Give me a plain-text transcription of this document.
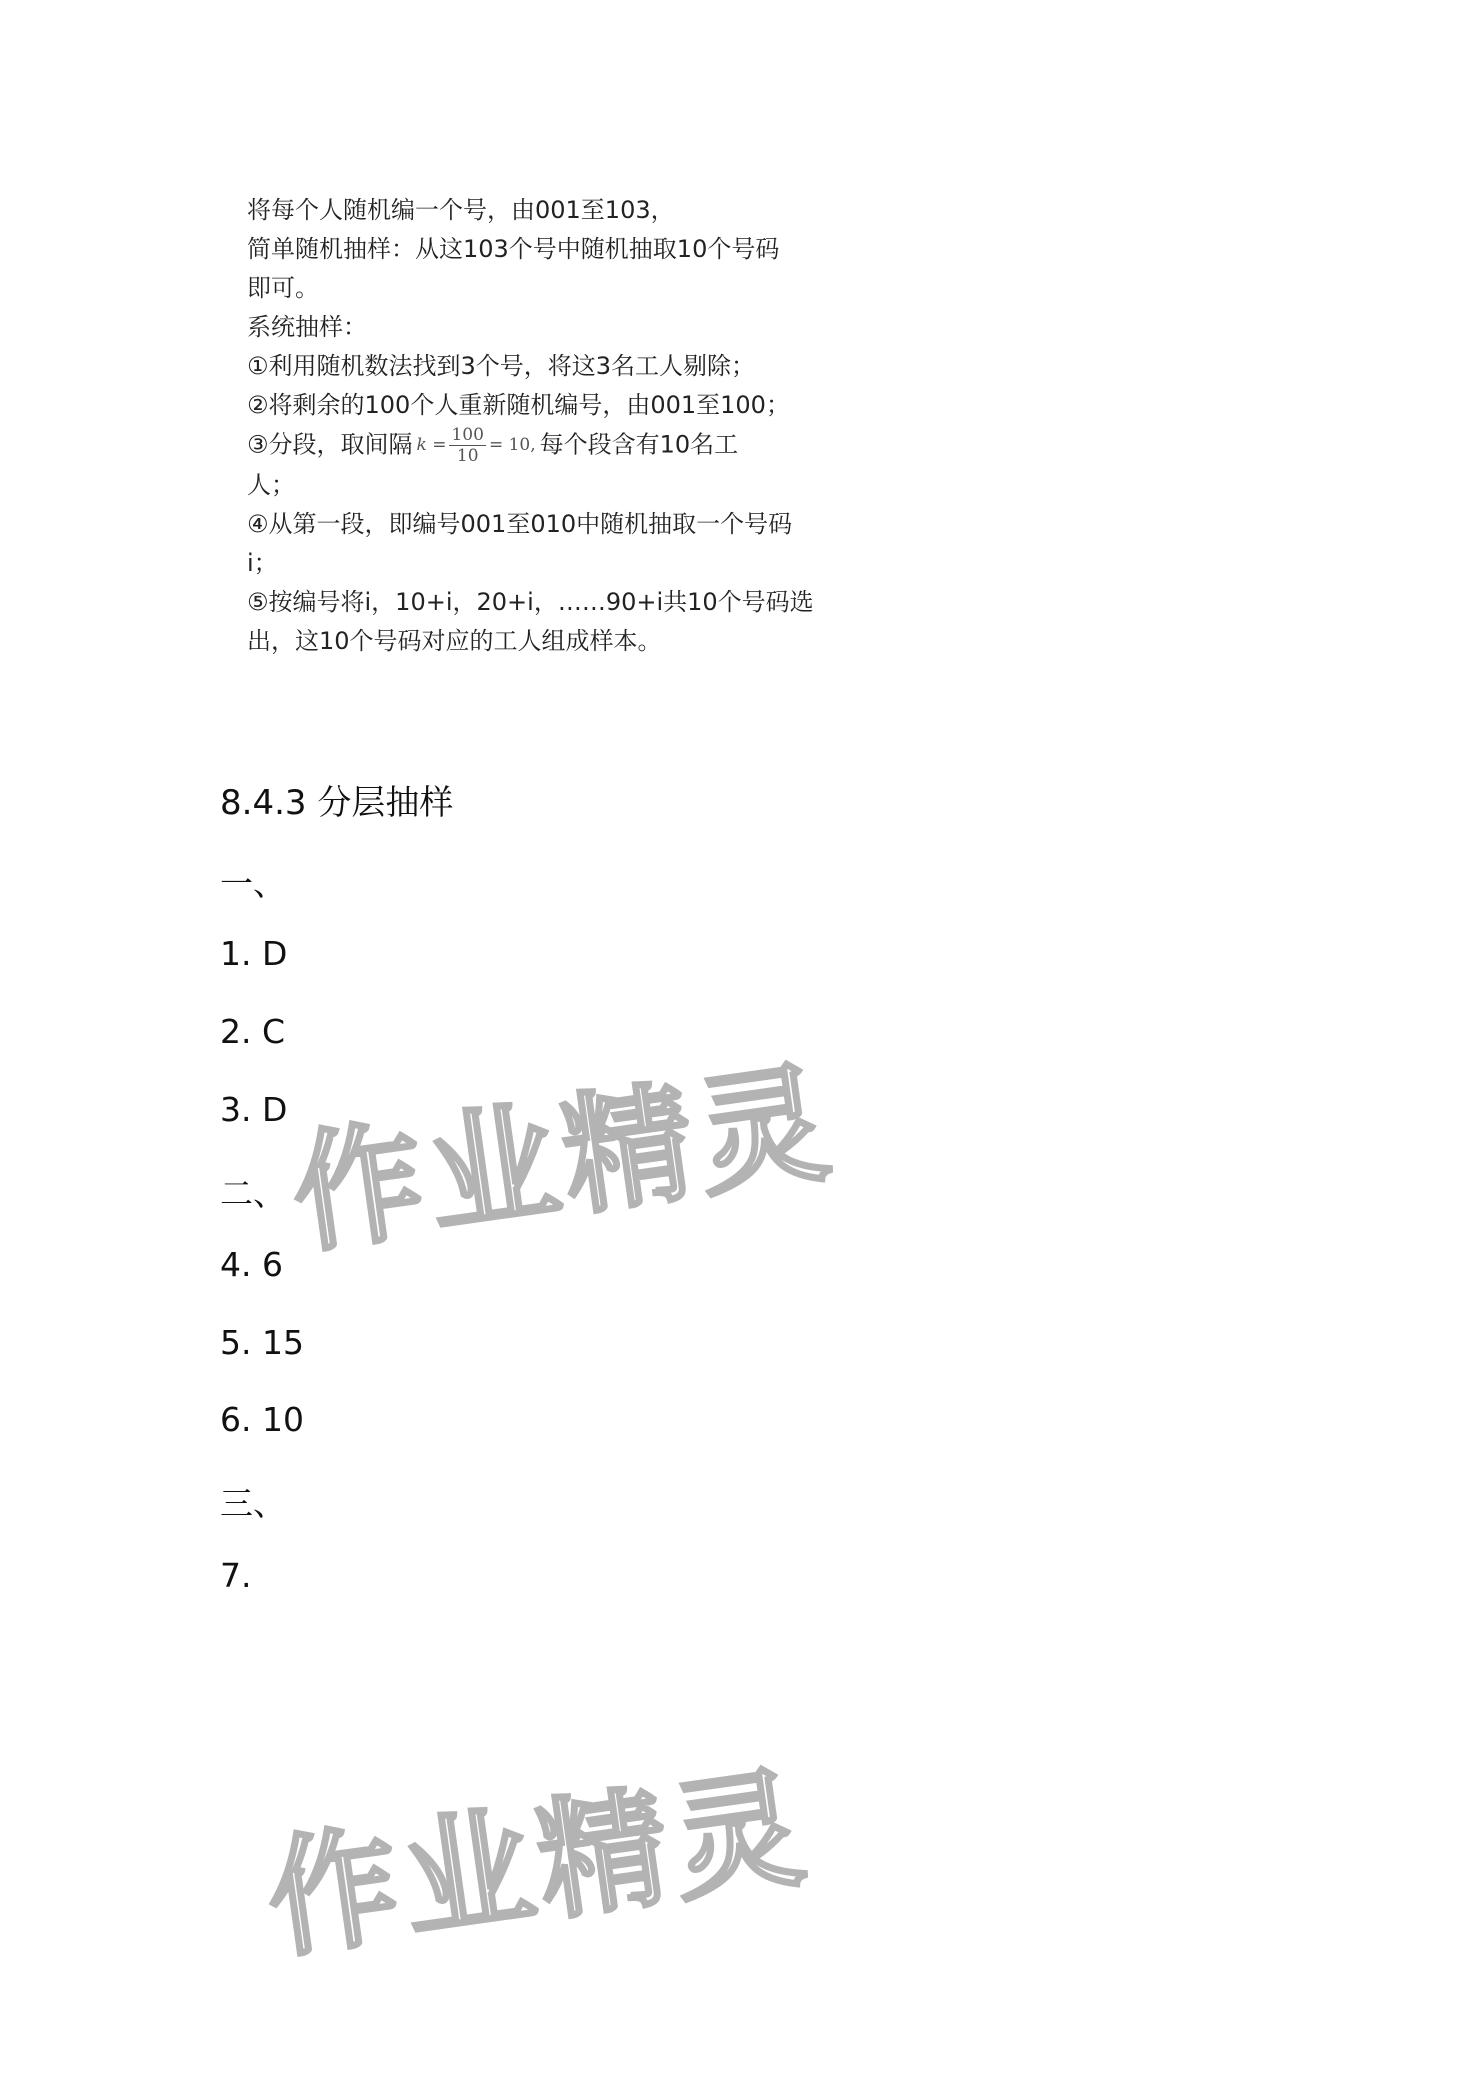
将每个人随机编一个号，由001至103，
简单随机抽样：从这103个号中随机抽取10个号码
即可。
系统抽样：
①利用随机数法找到3个号，将这3名工人剔除；
②将剩余的100个人重新随机编号，由001至100；
③分段，取间隔 $k = \frac{100}{10} = 10$, 每个段含有10名工
人；
④从第一段，即编号001至010中随机抽取一个号码
i；
⑤按编号将i，10+i，20+i，……90+i共10个号码选
出，这10个号码对应的工人组成样本。
8.4.3 分层抽样
一、
1. D
2. C
3. D
二、
4. 6
5. 15
6. 10
三、
7.
作业精灵
作业精灵
